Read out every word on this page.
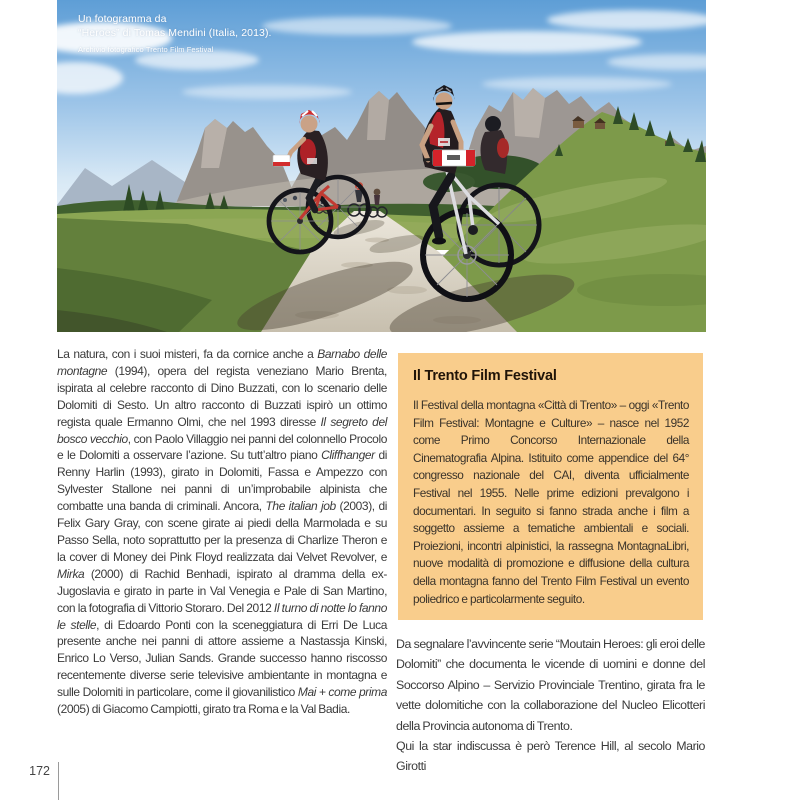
Un fotogramma da
“Heroes” di Tomas Mendini (Italia, 2013).
Archivio fotografico Trento Film Festival

La natura, con i suoi misteri, fa da cornice anche a Barnabo delle montagne (1994), opera del regista veneziano Mario Brenta, ispirata al celebre racconto di Dino Buzzati, con lo scenario delle Dolomiti di Sesto. Un altro racconto di Buzzati ispirò un ottimo regista quale Ermanno Olmi, che nel 1993 diresse Il segreto del bosco vecchio, con Paolo Villaggio nei panni del colonnello Procolo e le Dolomiti a osservare l’azione. Su tutt’altro piano Cliffhanger di Renny Harlin (1993), girato in Dolomiti, Fassa e Ampezzo con Sylvester Stallone nei panni di un’improbabile alpinista che combatte una banda di criminali. Ancora, The italian job (2003), di Felix Gary Gray, con scene girate ai piedi della Marmolada e su Passo Sella, noto soprattutto per la presenza di Charlize Theron e la cover di Money dei Pink Floyd realizzata dai Velvet Revolver, e Mirka (2000) di Rachid Benhadi, ispirato al dramma della ex-Jugoslavia e girato in parte in Val Venegia e Pale di San Martino, con la fotografia di Vittorio Storaro. Del 2012 Il turno di notte lo fanno le stelle, di Edoardo Ponti con la sceneggiatura di Erri De Luca presente anche nei panni di attore assieme a Nastassja Kinski, Enrico Lo Verso, Julian Sands. Grande successo hanno riscosso recentemente diverse serie televisive ambientante in montagna e sulle Dolomiti in particolare, come il giovanilistico Mai + come prima (2005) di Giacomo Campiotti, girato tra Roma e la Val Badia.

Il Trento Film Festival

Il Festival della montagna «Città di Trento» – oggi «Trento Film Festival: Montagne e Culture» – nasce nel 1952 come Primo Concorso Internazionale della Cinematografia Alpina. Istituito come appendice del 64° congresso nazionale del CAI, diventa ufficialmente Festival nel 1955. Nelle prime edizioni prevalgono i documentari. In seguito si fanno strada anche i film a soggetto assieme a tematiche ambientali e sociali. Proiezioni, incontri alpinistici, la rassegna MontagnaLibri, nuove modalità di promozione e diffusione della cultura della montagna fanno del Trento Film Festival un evento poliedrico e particolarmente seguito.

Da segnalare l’avvincente serie “Moutain Heroes: gli eroi delle Dolomiti” che documenta le vicende di uomini e donne del Soccorso Alpino – Servizio Provinciale Trentino, girata fra le vette dolomitiche con la collaborazione del Nucleo Elicotteri della Provincia autonoma di Trento.

Qui la star indiscussa è però Terence Hill, al secolo Mario Girotti

172
